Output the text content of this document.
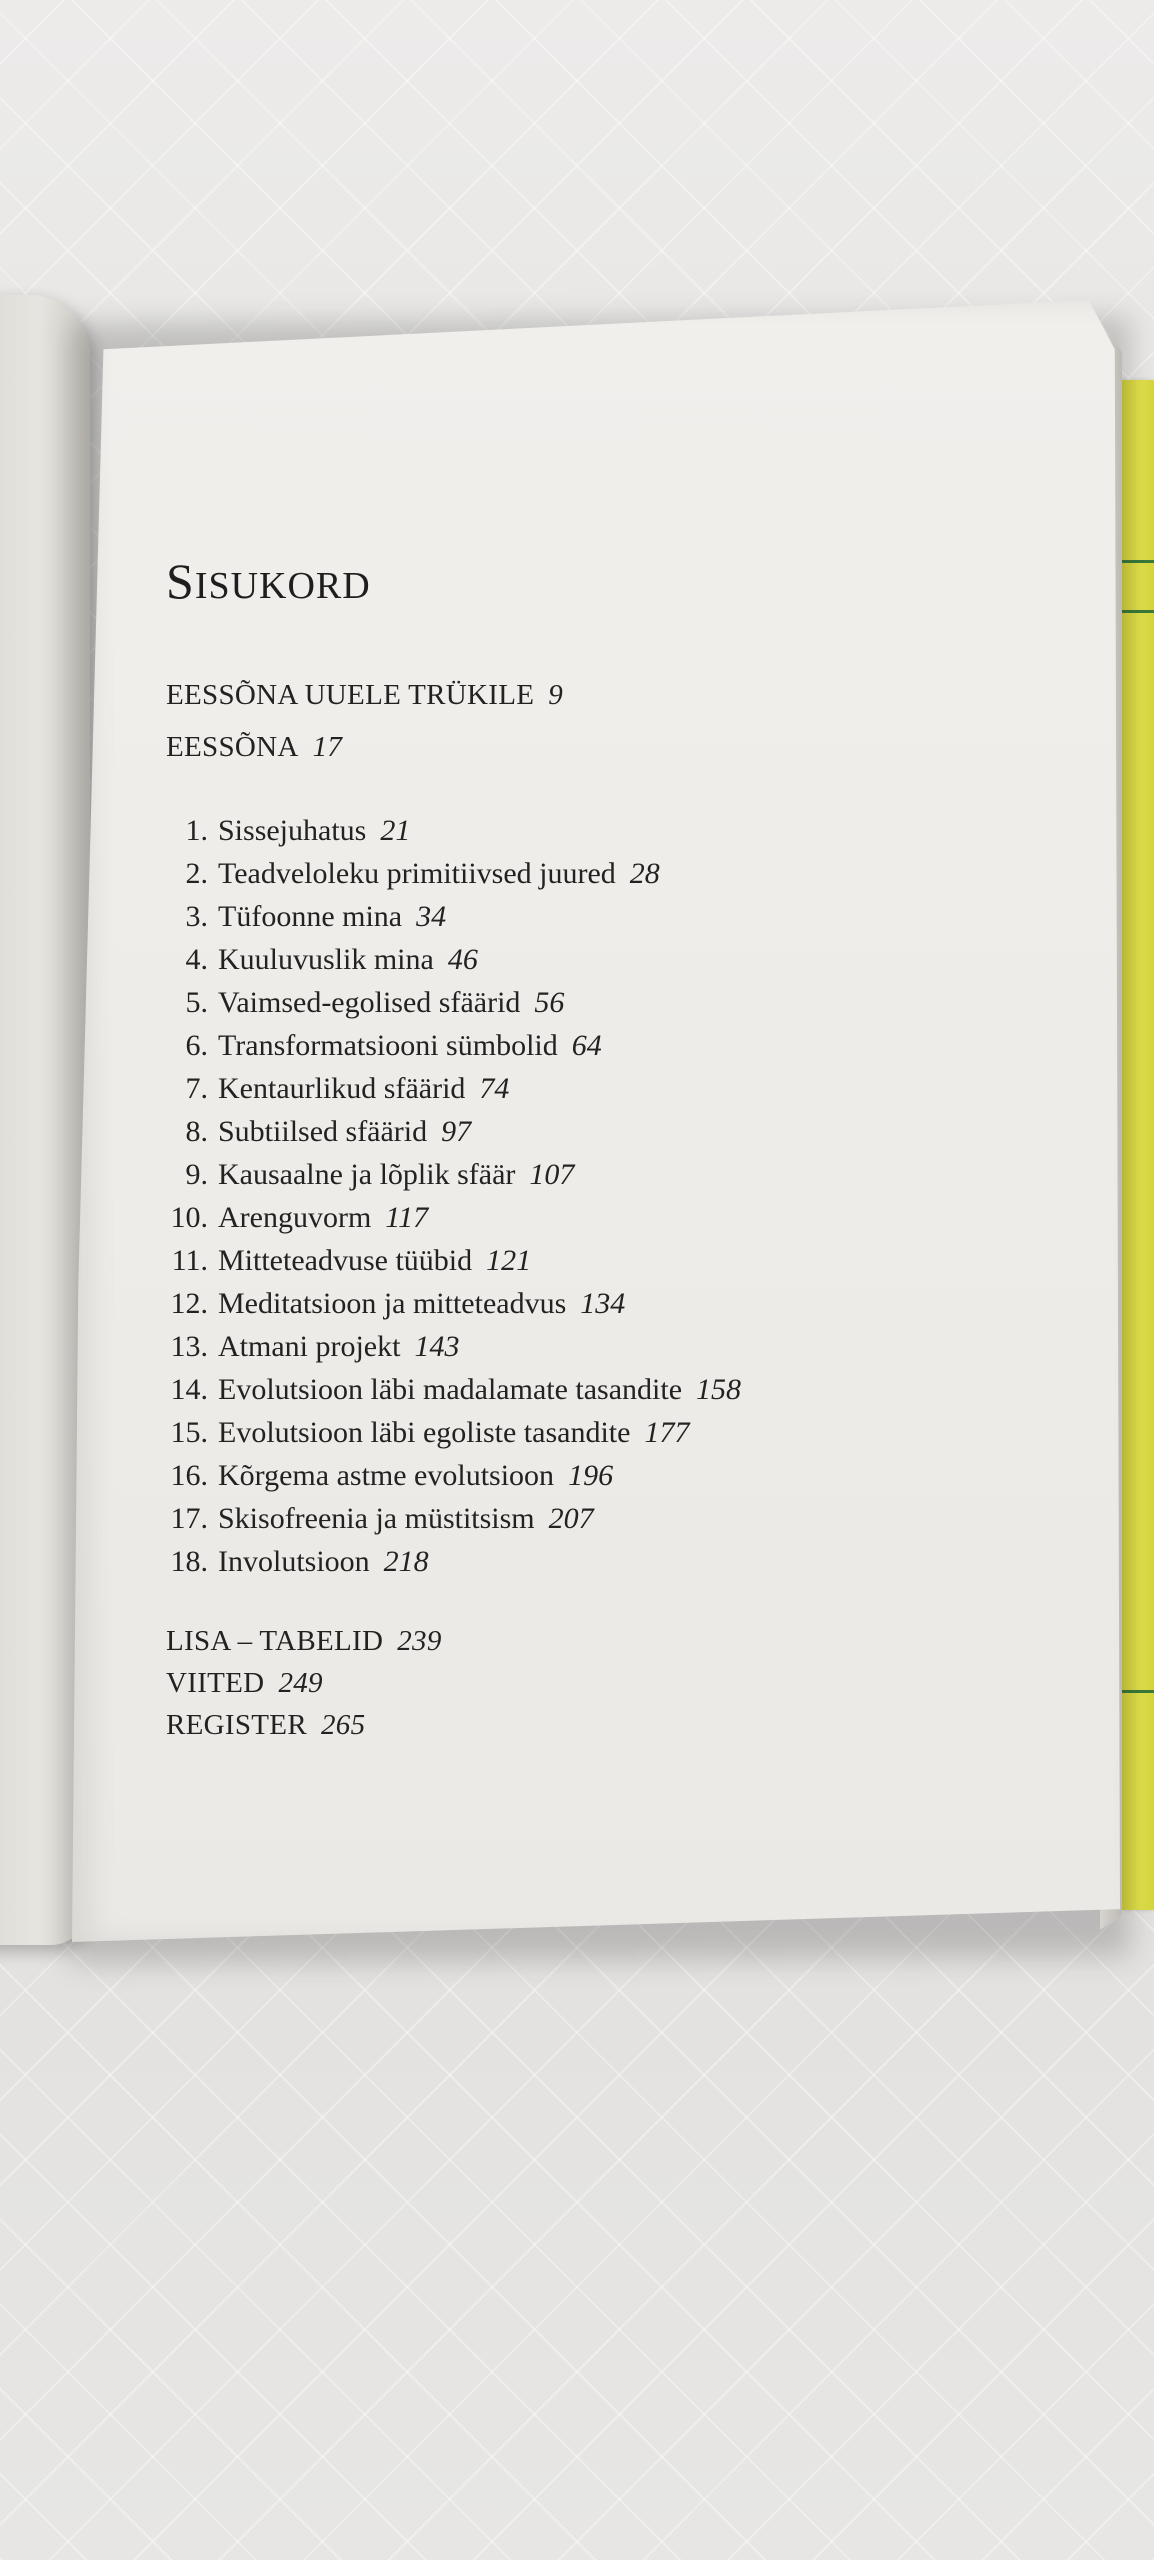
SISUKORD
EESSÕNA UUELE TRÜKILE 9
EESSÕNA 17
1. Sissejuhatus 21
2. Teadveloleku primitiivsed juured 28
3. Tüfoonne mina 34
4. Kuuluvuslik mina 46
5. Vaimsed-egolised sfäärid 56
6. Transformatsiooni sümbolid 64
7. Kentaurlikud sfäärid 74
8. Subtiilsed sfäärid 97
9. Kausaalne ja lõplik sfäär 107
10. Arenguvorm 117
11. Mitteteadvuse tüübid 121
12. Meditatsioon ja mitteteadvus 134
13. Atmani projekt 143
14. Evolutsioon läbi madalamate tasandite 158
15. Evolutsioon läbi egoliste tasandite 177
16. Kõrgema astme evolutsioon 196
17. Skisofreenia ja müstitsism 207
18. Involutsioon 218
LISA – TABELID 239
VIITED 249
REGISTER 265
